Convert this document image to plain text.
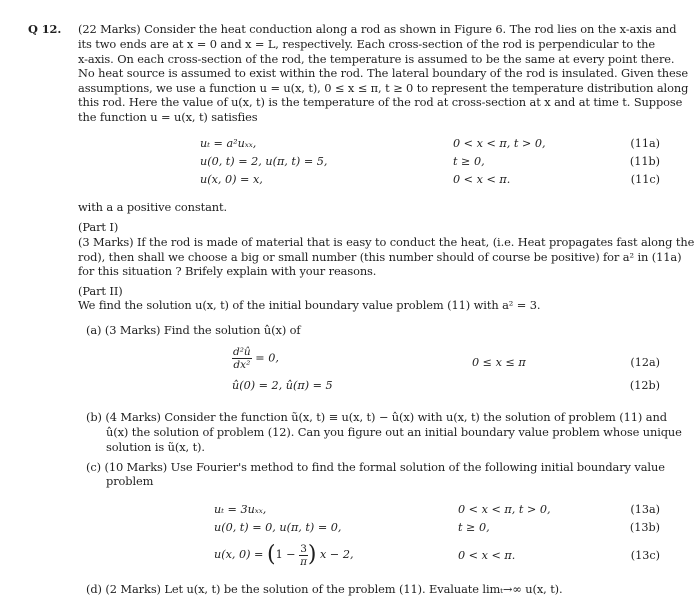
Q 12. (22 Marks) Consider the heat conduction along a rod as shown in Figure 6. The rod lies on the x-axis and
its two ends are at x = 0 and x = L, respectively. Each cross-section of the rod is perpendicular to the
x-axis. On each cross-section of the rod, the temperature is assumed to be the same at every point there.
No heat source is assumed to exist within the rod. The lateral boundary of the rod is insulated. Given these
assumptions, we use a function u = u(x, t), 0 ≤ x ≤ π, t ≥ 0 to represent the temperature distribution along
this rod. Here the value of u(x, t) is the temperature of the rod at cross-section at x and at time t. Suppose
the function u = u(x, t) satisfies
uₜ = a²uₓₓ,	0 < x < π, t > 0,	(11a)
u(0, t) = 2, u(π, t) = 5,	t ≥ 0,	(11b)
u(x, 0) = x,	0 < x < π.	(11c)
with a a positive constant.
(Part I)
(3 Marks) If the rod is made of material that is easy to conduct the heat, (i.e. Heat propagates fast along the
rod), then shall we choose a big or small number (this number should of course be positive) for a² in (11a)
for this situation ? Brifely explain with your reasons.
(Part II)
We find the solution u(x, t) of the initial boundary value problem (11) with a² = 3.
(a) (3 Marks) Find the solution û(x) of
$\frac{\text{d²û}}{\text{dx²}} = 0$,	0 ≤ x ≤ π	(12a)
û(0) = 2, û(π) = 5	(12b)
(b) (4 Marks) Consider the function ũ(x, t) ≡ u(x, t) − û(x) with u(x, t) the solution of problem (11) and
û(x) the solution of problem (12). Can you figure out an initial boundary value problem whose unique
solution is ũ(x, t).
(c) (10 Marks) Use Fourier's method to find the formal solution of the following initial boundary value
problem
uₜ = 3uₓₓ,	0 < x < π, t > 0,	(13a)
u(0, t) = 0, u(π, t) = 0,	t ≥ 0,	(13b)
u(x, $0) = (1 - \frac{3}{\pi}$ ) x − 2,	0 < x < π.	(13c)
(d) (2 Marks) Let u(x, t) be the solution of the problem (11). Evaluate limₜ→∞ u(x, t).
